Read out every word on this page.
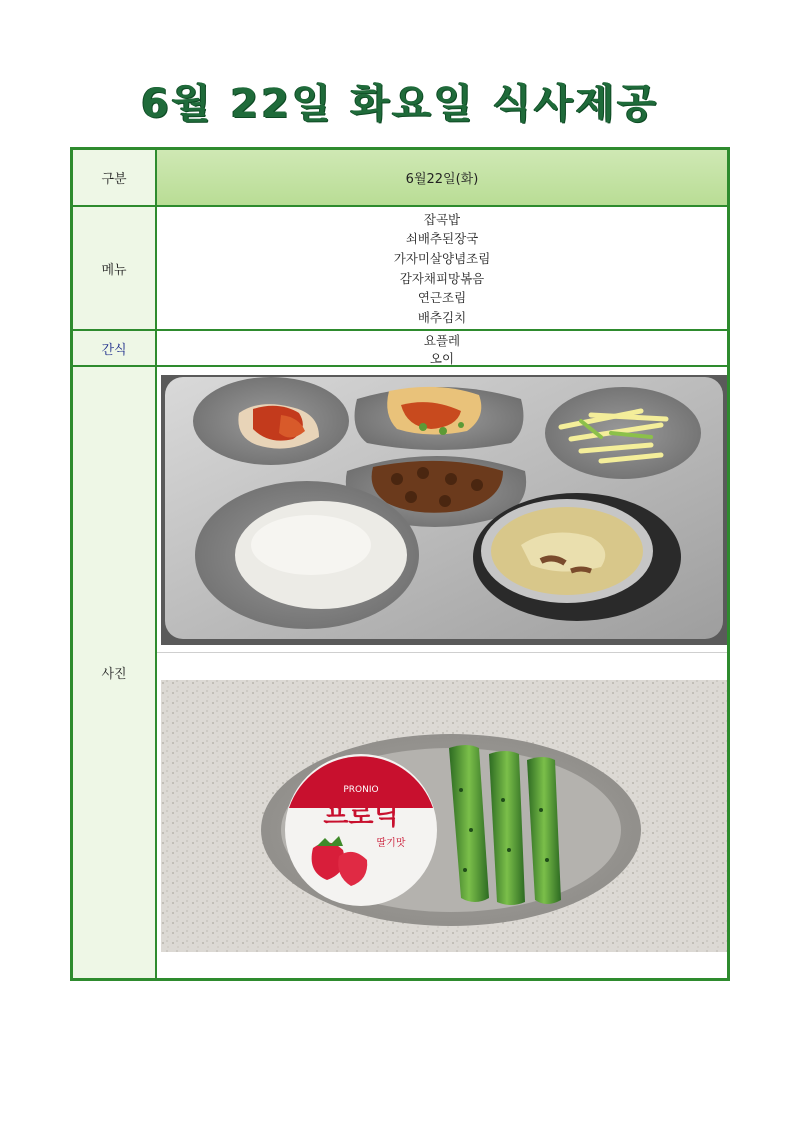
6월 22일 화요일 식사제공
구분	6월22일(화)
메뉴
잡곡밥
쇠배추된장국
가자미살양념조림
감자채피망볶음
연근조림
배추김치
간식
요플레
오이
사진
PRONIO
프로닉
딸기맛
